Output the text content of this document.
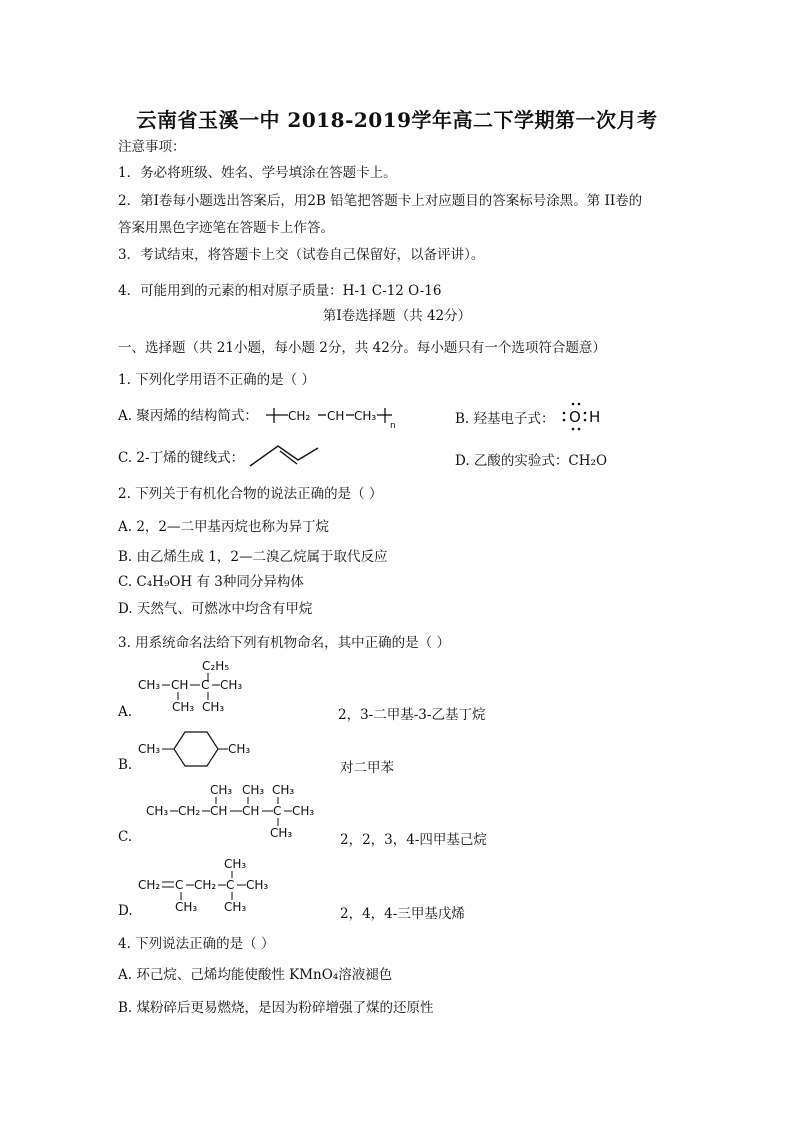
云南省玉溪一中 2018-2019学年高二下学期第一次月考
注意事项：
1．务必将班级、姓名、学号填涂在答题卡上。
2．第Ⅰ卷每小题选出答案后，用2B 铅笔把答题卡上对应题目的答案标号涂黑。第 II卷的
答案用黑色字迹笔在答题卡上作答。
3．考试结束，将答题卡上交（试卷自己保留好，以备评讲）。
4．可能用到的元素的相对原子质量：H-1 C-12 O-16
第Ⅰ卷选择题（共 42分）
一、选择题（共 21小题，每小题 2分，共 42分。每小题只有一个选项符合题意）
1. 下列化学用语不正确的是（ ）
A. 聚丙烯的结构简式：	CH₂ CH CH₃
n	B. 羟基电子式： O H
C. 2-丁烯的键线式：	D. 乙酸的实验式：CH₂O
2. 下列关于有机化合物的说法正确的是（ ）
A. 2，2—二甲基丙烷也称为异丁烷
B. 由乙烯生成 1，2—二溴乙烷属于取代反应
C. C₄H₉OH 有 3种同分异构体
D. 天然气、可燃冰中均含有甲烷
3. 用系统命名法给下列有机物命名，其中正确的是（ ）
C₂H₅
CH₃ CH C CH₃
CH₃ CH₃
A.	2，3-二甲基-3-乙基丁烷
CH₃	CH₃
B.	对二甲苯
CH₃ CH₃ CH₃
CH₃ CH₂ CH CH C CH₃
CH₃
C.	2，2，3，4-四甲基己烷
CH₃
CH₂ C CH₂ C CH₃
CH₃ CH₃
D.	2，4，4-三甲基戊烯
4. 下列说法正确的是（ ）
A. 环己烷、己烯均能使酸性 KMnO₄溶液褪色
B. 煤粉碎后更易燃烧，是因为粉碎增强了煤的还原性
